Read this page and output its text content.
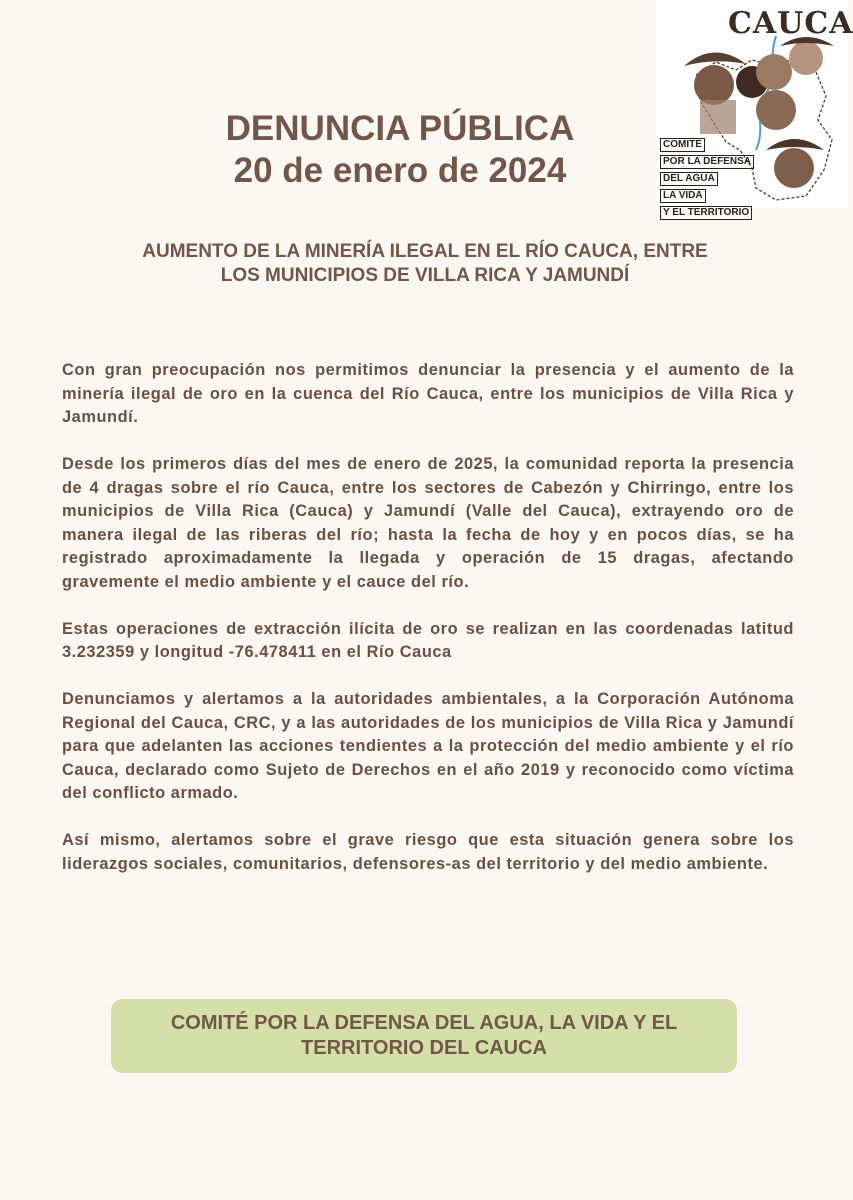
CAUCA
COMITÉ
POR LA DEFENSA
DEL AGUA LA VIDA
Y EL TERRITORIO
DENUNCIA PÚBLICA
20 de enero de 2024
AUMENTO DE LA MINERÍA ILEGAL EN EL RÍO CAUCA, ENTRE
LOS MUNICIPIOS DE VILLA RICA Y JAMUNDÍ

Con gran preocupación nos permitimos denunciar la presencia y el aumento de la minería ilegal de oro en la cuenca del Río Cauca, entre los municipios de Villa Rica y Jamundí.

Desde los primeros días del mes de enero de 2025, la comunidad reporta la presencia de 4 dragas sobre el río Cauca, entre los sectores de Cabezón y Chirringo, entre los municipios de Villa Rica (Cauca) y Jamundí (Valle del Cauca), extrayendo oro de manera ilegal de las riberas del río; hasta la fecha de hoy y en pocos días, se ha registrado aproximadamente la llegada y operación de 15 dragas, afectando gravemente el medio ambiente y el cauce del río.

Estas operaciones de extracción ilícita de oro se realizan en las coordenadas latitud 3.232359 y longitud -76.478411 en el Río Cauca

Denunciamos y alertamos a la autoridades ambientales, a la Corporación Autónoma Regional del Cauca, CRC, y a las autoridades de los municipios de Villa Rica y Jamundí para que adelanten las acciones tendientes a la protección del medio ambiente y el río Cauca, declarado como Sujeto de Derechos en el año 2019 y reconocido como víctima del conflicto armado.

Así mismo, alertamos sobre el grave riesgo que esta situación genera sobre los liderazgos sociales, comunitarios, defensores-as del territorio y del medio ambiente.

COMITÉ POR LA DEFENSA DEL AGUA, LA VIDA Y EL
TERRITORIO DEL CAUCA
